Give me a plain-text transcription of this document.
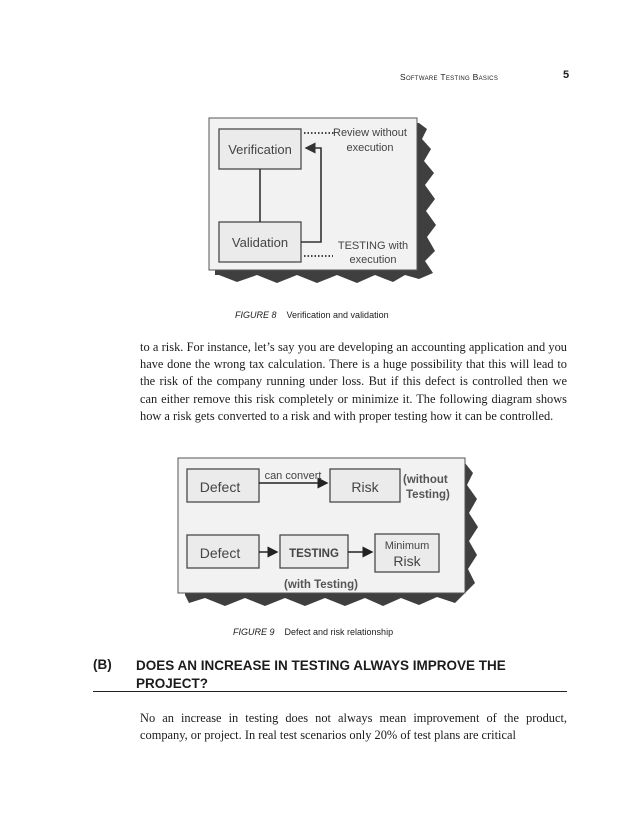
Software Testing Basics	5
Verification
Validation
Review without
execution
TESTING with
execution
FIGURE 8 Verification and validation
to a risk. For instance, let’s say you are developing an accounting application and you have done the wrong tax calculation. There is a huge possibility that this will lead to the risk of the company running under loss. But if this defect is controlled then we can either remove this risk completely or minimize it. The following diagram shows how a risk gets converted to a risk and with proper testing how it can be controlled.
Defect
can convert
Risk (without
Testing)
Defect	TESTING
Minimum
Risk
(with Testing)
FIGURE 9 Defect and risk relationship
(B) DOES AN INCREASE IN TESTING ALWAYS IMPROVE THE PROJECT?
No an increase in testing does not always mean improvement of the product, company, or project. In real test scenarios only 20% of test plans are critical
